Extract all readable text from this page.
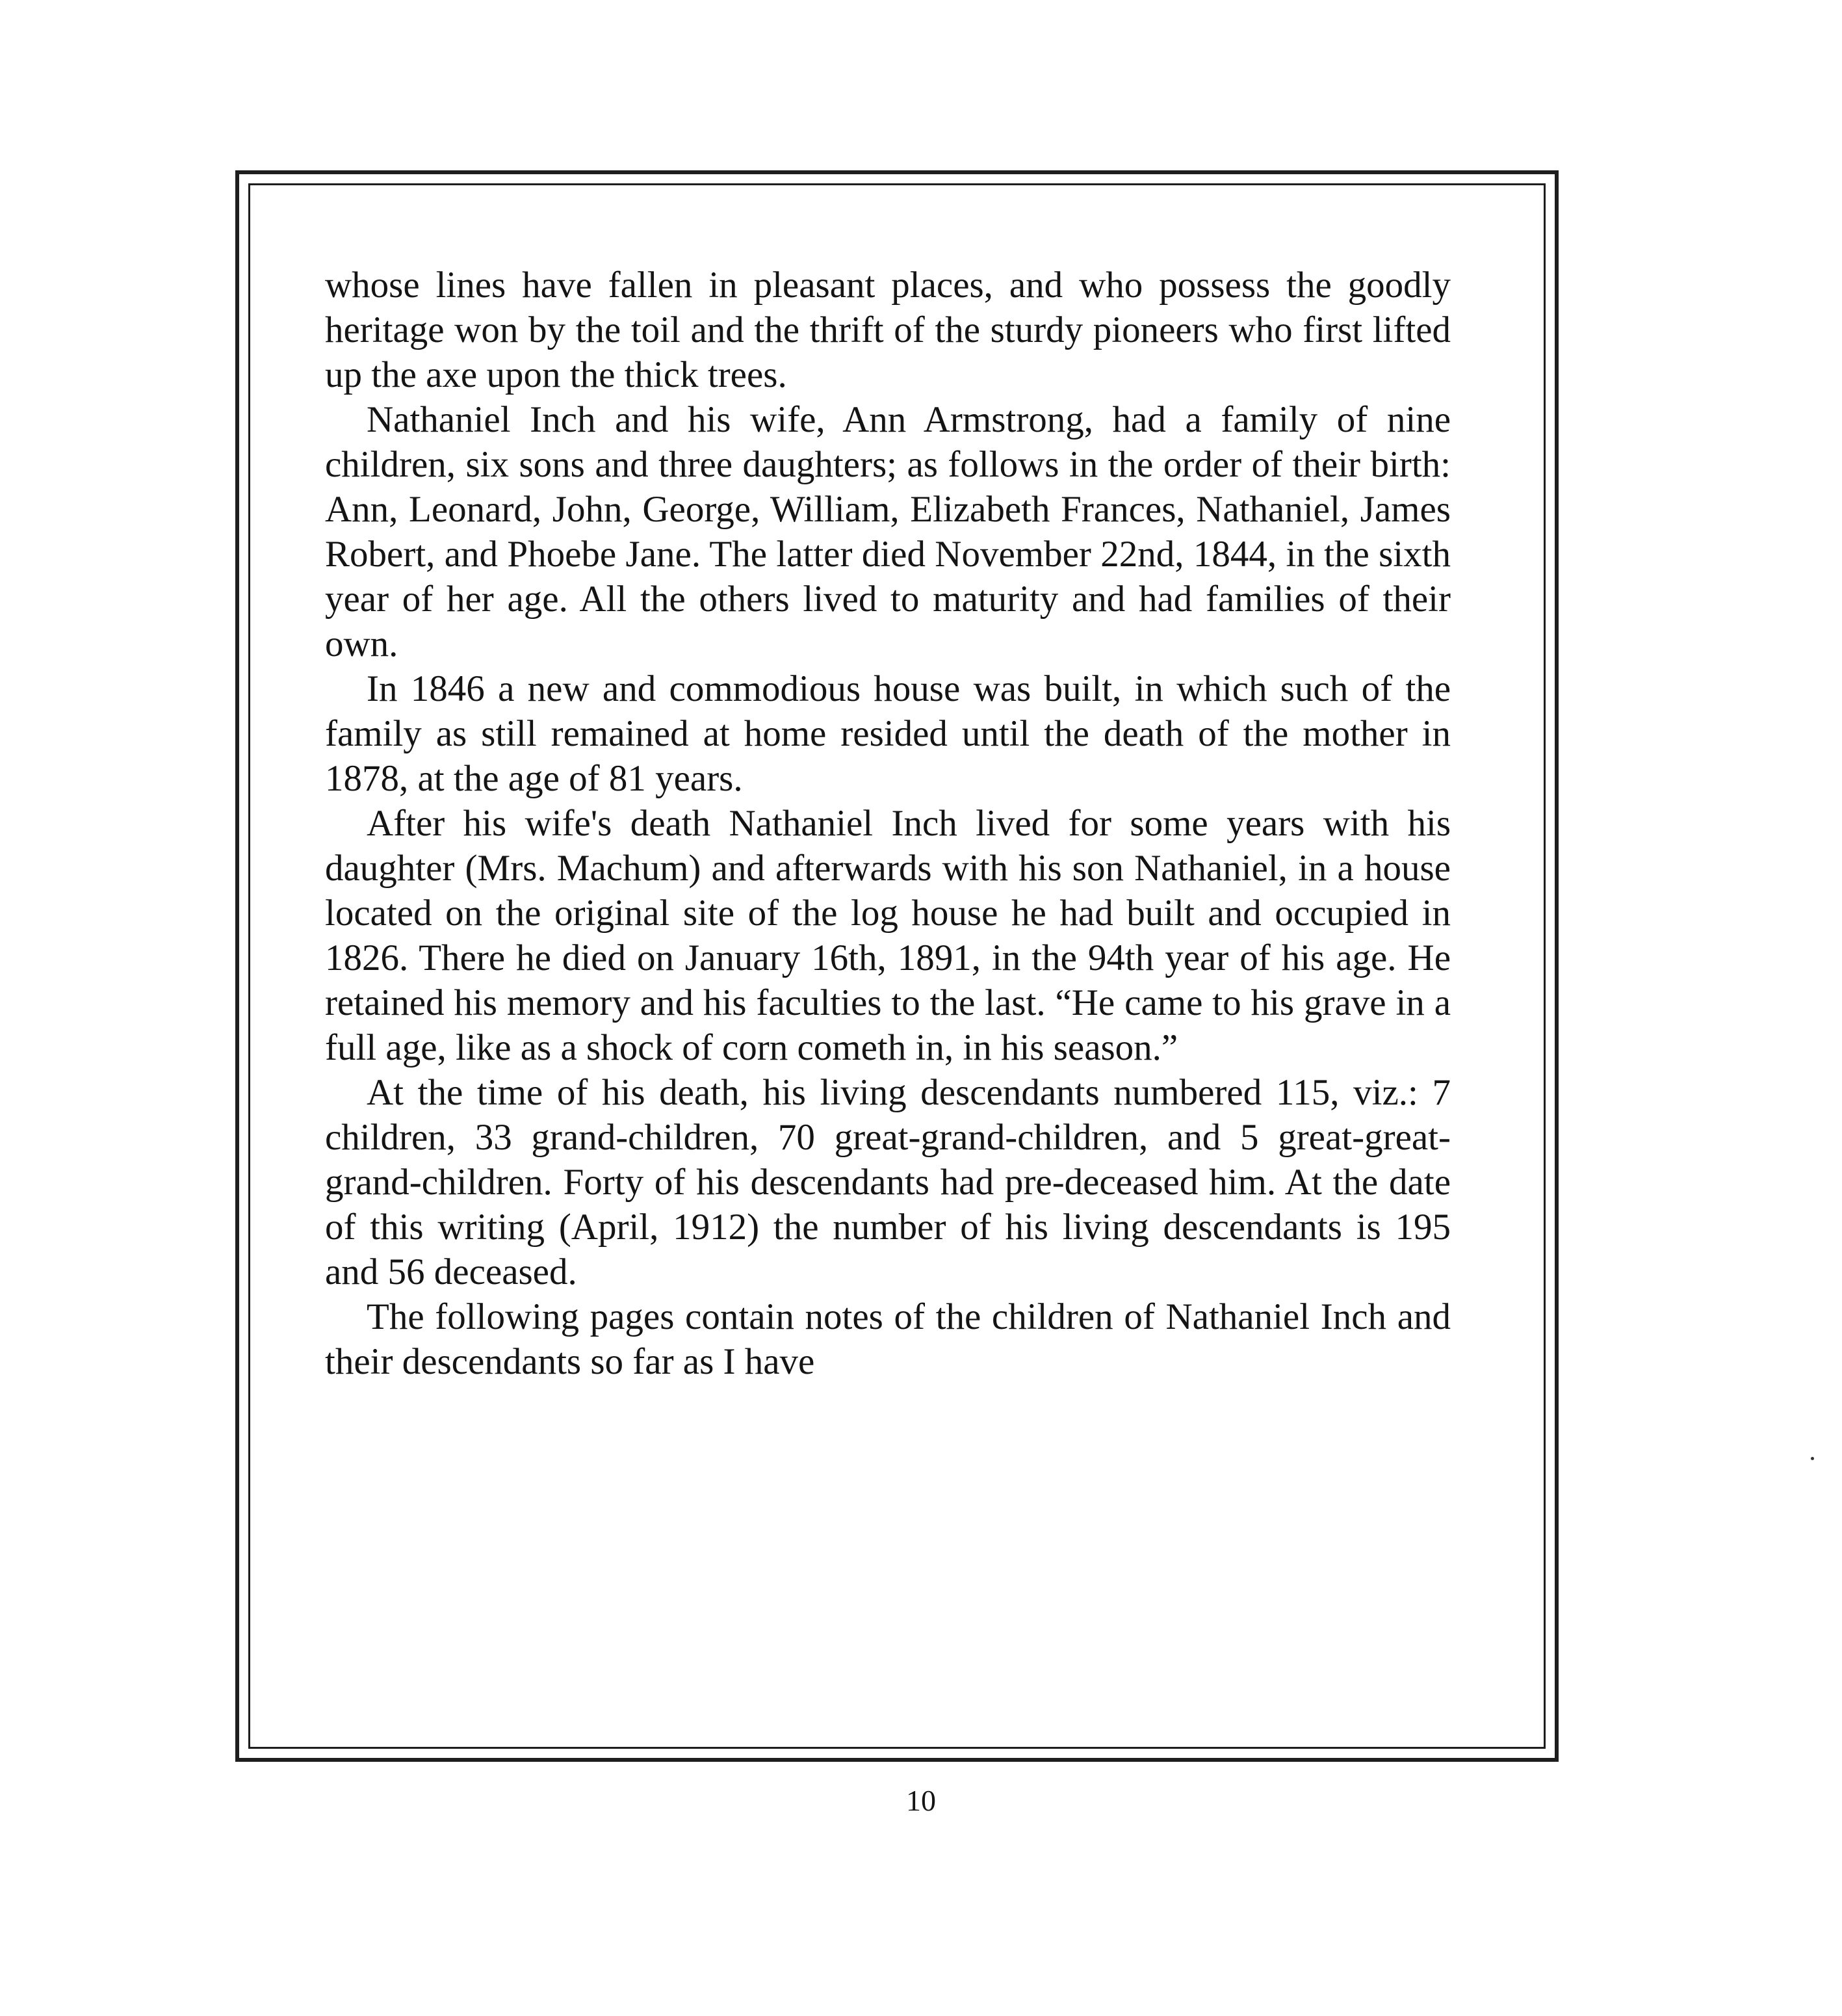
whose lines have fallen in pleasant places, and who possess the goodly heritage won by the toil and the thrift of the sturdy pioneers who first lifted up the axe upon the thick trees.

Nathaniel Inch and his wife, Ann Armstrong, had a family of nine children, six sons and three daughters; as follows in the order of their birth: Ann, Leonard, John, George, William, Elizabeth Frances, Nathaniel, James Robert, and Phoebe Jane. The latter died November 22nd, 1844, in the sixth year of her age. All the others lived to maturity and had families of their own.

In 1846 a new and commodious house was built, in which such of the family as still remained at home resided until the death of the mother in 1878, at the age of 81 years.

After his wife's death Nathaniel Inch lived for some years with his daughter (Mrs. Machum) and afterwards with his son Nathaniel, in a house located on the original site of the log house he had built and occupied in 1826. There he died on January 16th, 1891, in the 94th year of his age. He retained his memory and his faculties to the last. “He came to his grave in a full age, like as a shock of corn cometh in, in his season.”

At the time of his death, his living descendants numbered 115, viz.: 7 children, 33 grand-children, 70 great-grand-children, and 5 great-great-grand-children. Forty of his descendants had pre-deceased him. At the date of this writing (April, 1912) the number of his living descendants is 195 and 56 deceased.

The following pages contain notes of the children of Nathaniel Inch and their descendants so far as I have

10
